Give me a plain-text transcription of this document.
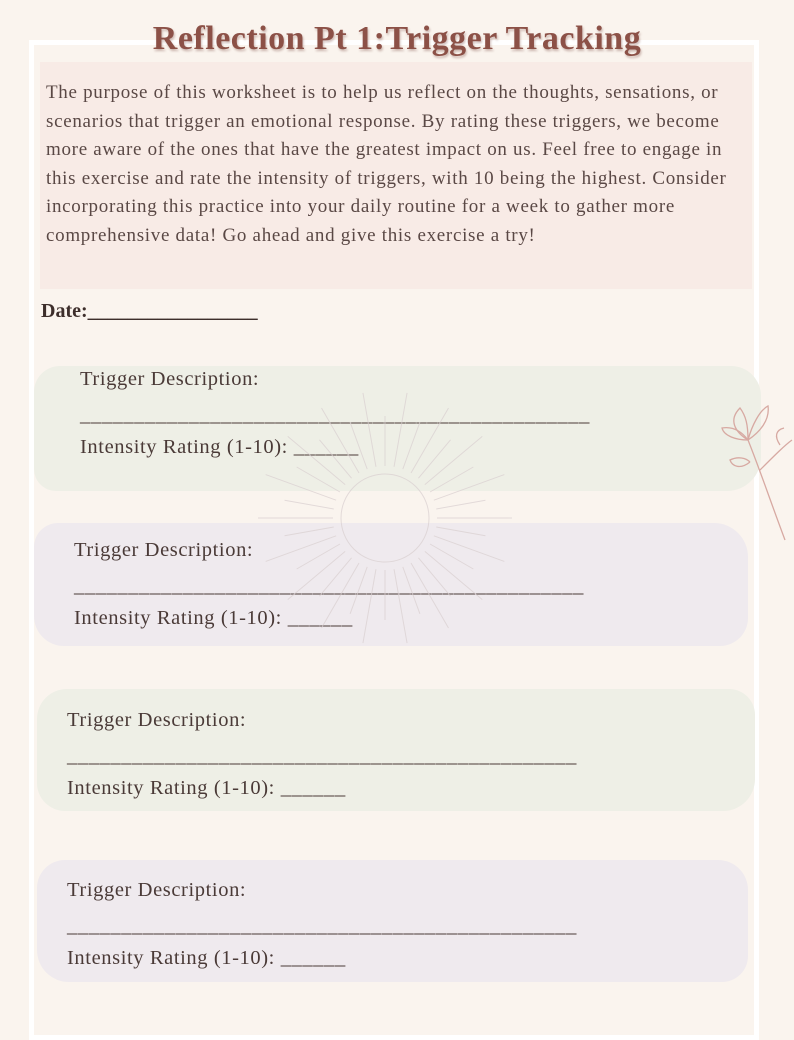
Reflection Pt 1:Trigger Tracking
The purpose of this worksheet is to help us reflect on the thoughts, sensations, or scenarios that trigger an emotional response. By rating these triggers, we become more aware of the ones that have the greatest impact on us. Feel free to engage in this exercise and rate the intensity of triggers, with 10 being the highest. Consider incorporating this practice into your daily routine for a week to gather more comprehensive data! Go ahead and give this exercise a try!
Date:_________________
Trigger Description:
_______________________________________________
Intensity Rating (1-10): ______
Trigger Description:
_______________________________________________
Intensity Rating (1-10): ______
Trigger Description:
_______________________________________________
Intensity Rating (1-10): ______
Trigger Description:
_______________________________________________
Intensity Rating (1-10): ______
